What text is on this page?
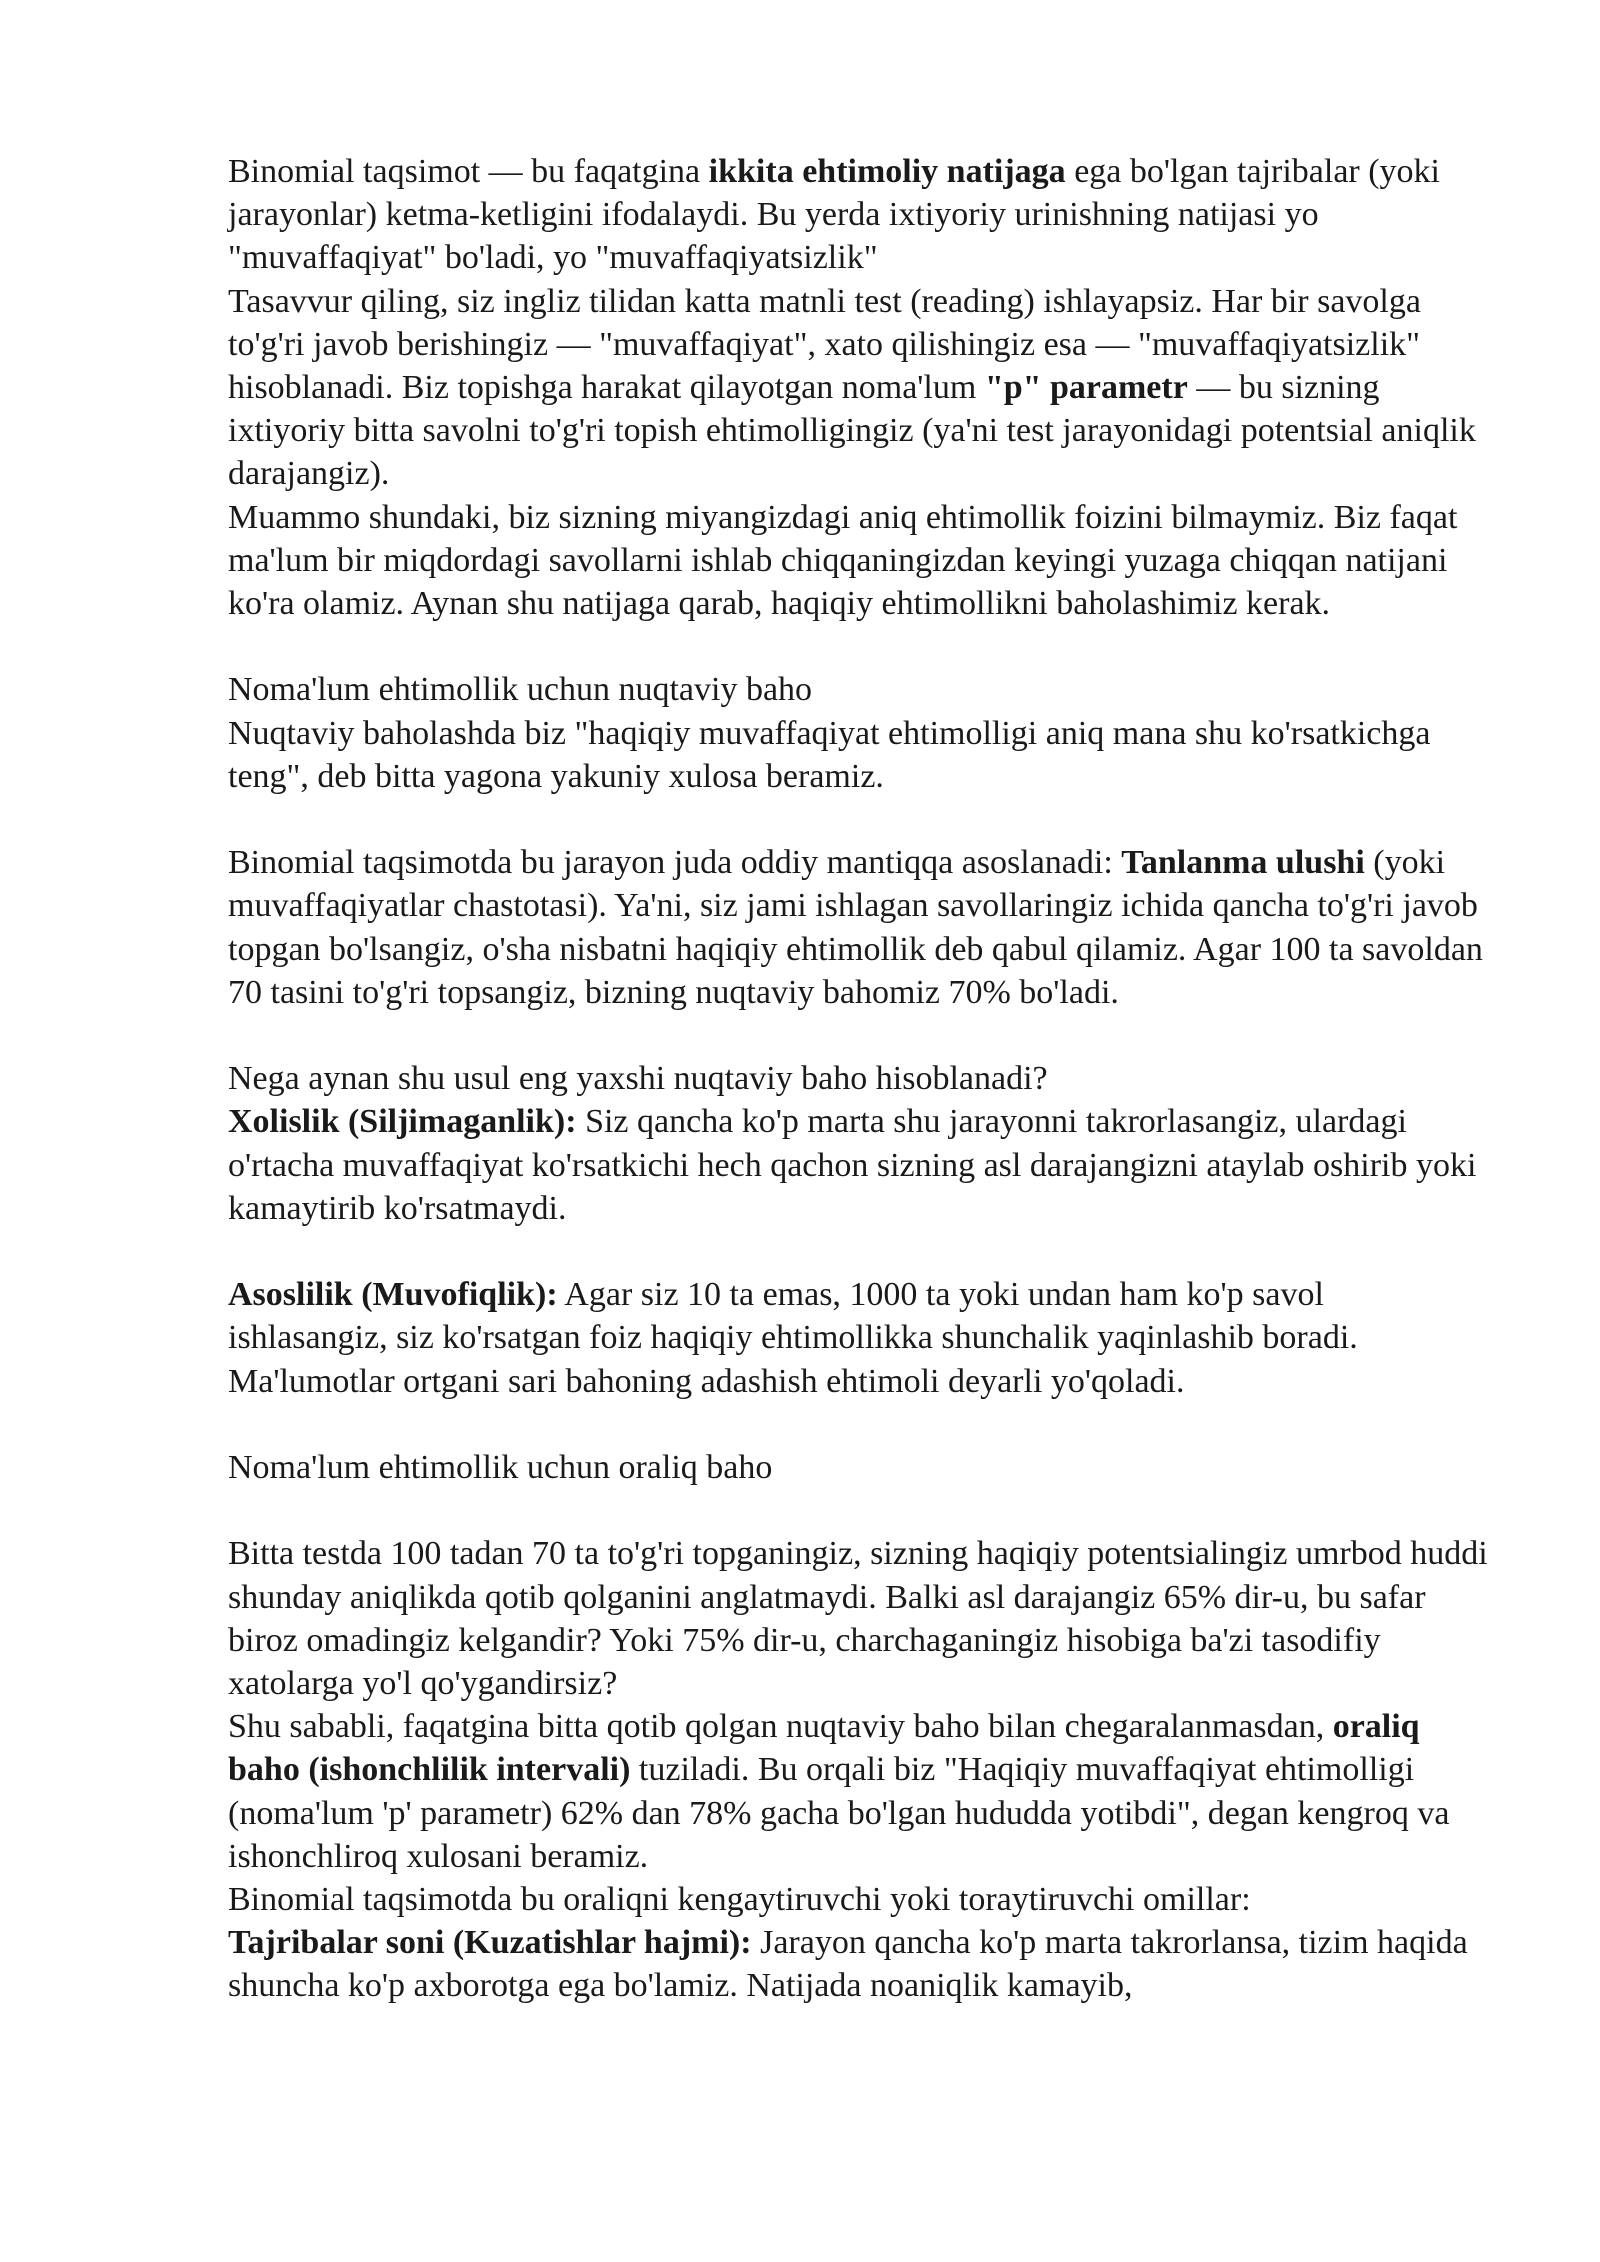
Binomial taqsimot — bu faqatgina ikkita ehtimoliy natijaga ega bo'lgan tajribalar (yoki jarayonlar) ketma-ketligini ifodalaydi. Bu yerda ixtiyoriy urinishning natijasi yo "muvaffaqiyat" bo'ladi, yo "muvaffaqiyatsizlik"

Tasavvur qiling, siz ingliz tilidan katta matnli test (reading) ishlayapsiz. Har bir savolga to'g'ri javob berishingiz — "muvaffaqiyat", xato qilishingiz esa — "muvaffaqiyatsizlik" hisoblanadi. Biz topishga harakat qilayotgan noma'lum "p" parametr — bu sizning ixtiyoriy bitta savolni to'g'ri topish ehtimolligingiz (ya'ni test jarayonidagi potentsial aniqlik darajangiz).

Muammo shundaki, biz sizning miyangizdagi aniq ehtimollik foizini bilmaymiz. Biz faqat ma'lum bir miqdordagi savollarni ishlab chiqqaningizdan keyingi yuzaga chiqqan natijani ko'ra olamiz. Aynan shu natijaga qarab, haqiqiy ehtimollikni baholashimiz kerak.

Noma'lum ehtimollik uchun nuqtaviy baho

Nuqtaviy baholashda biz "haqiqiy muvaffaqiyat ehtimolligi aniq mana shu ko'rsatkichga teng", deb bitta yagona yakuniy xulosa beramiz.

Binomial taqsimotda bu jarayon juda oddiy mantiqqa asoslanadi: Tanlanma ulushi (yoki muvaffaqiyatlar chastotasi). Ya'ni, siz jami ishlagan savollaringiz ichida qancha to'g'ri javob topgan bo'lsangiz, o'sha nisbatni haqiqiy ehtimollik deb qabul qilamiz. Agar 100 ta savoldan 70 tasini to'g'ri topsangiz, bizning nuqtaviy bahomiz 70% bo'ladi.

Nega aynan shu usul eng yaxshi nuqtaviy baho hisoblanadi?

Xolislik (Siljimaganlik): Siz qancha ko'p marta shu jarayonni takrorlasangiz, ulardagi o'rtacha muvaffaqiyat ko'rsatkichi hech qachon sizning asl darajangizni ataylab oshirib yoki kamaytirib ko'rsatmaydi.

Asoslilik (Muvofiqlik): Agar siz 10 ta emas, 1000 ta yoki undan ham ko'p savol ishlasangiz, siz ko'rsatgan foiz haqiqiy ehtimollikka shunchalik yaqinlashib boradi. Ma'lumotlar ortgani sari bahoning adashish ehtimoli deyarli yo'qoladi.

Noma'lum ehtimollik uchun oraliq baho

Bitta testda 100 tadan 70 ta to'g'ri topganingiz, sizning haqiqiy potentsialingiz umrbod huddi shunday aniqlikda qotib qolganini anglatmaydi. Balki asl darajangiz 65% dir-u, bu safar biroz omadingiz kelgandir? Yoki 75% dir-u, charchaganingiz hisobiga ba'zi tasodifiy xatolarga yo'l qo'ygandirsiz?

Shu sababli, faqatgina bitta qotib qolgan nuqtaviy baho bilan chegaralanmasdan, oraliq baho (ishonchlilik intervali) tuziladi. Bu orqali biz "Haqiqiy muvaffaqiyat ehtimolligi (noma'lum 'p' parametr) 62% dan 78% gacha bo'lgan hududda yotibdi", degan kengroq va ishonchliroq xulosani beramiz.

Binomial taqsimotda bu oraliqni kengaytiruvchi yoki toraytiruvchi omillar:

Tajribalar soni (Kuzatishlar hajmi): Jarayon qancha ko'p marta takrorlansa, tizim haqida shuncha ko'p axborotga ega bo'lamiz. Natijada noaniqlik kamayib,
